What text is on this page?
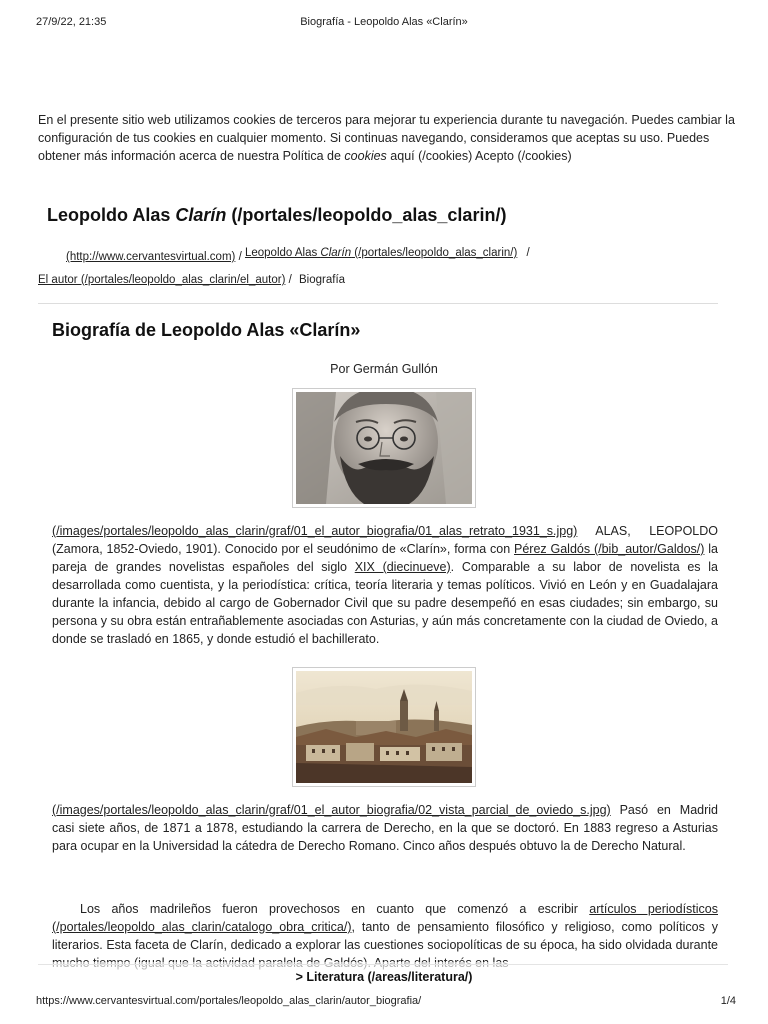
27/9/22, 21:35	Biografía - Leopoldo Alas «Clarín»
En el presente sitio web utilizamos cookies de terceros para mejorar tu experiencia durante tu navegación. Puedes cambiar la configuración de tus cookies en cualquier momento. Si continuas navegando, consideramos que aceptas su uso. Puedes obtener más información acerca de nuestra Política de cookies aquí (/cookies) Acepto (/cookies)
Leopoldo Alas Clarín (/portales/leopoldo_alas_clarin/)
(http://www.cervantesvirtual.com) / Leopoldo Alas Clarín (/portales/leopoldo_alas_clarin/) /
El autor (/portales/leopoldo_alas_clarin/el_autor) / Biografía
Biografía de Leopoldo Alas «Clarín»
Por Germán Gullón
(/images/portales/leopoldo_alas_clarin/graf/01_el_autor_biografia/01_alas_retrato_1931_s.jpg) ALAS, LEOPOLDO (Zamora, 1852-Oviedo, 1901). Conocido por el seudónimo de «Clarín», forma con Pérez Galdós (/bib_autor/Galdos/) la pareja de grandes novelistas españoles del siglo XIX (diecinueve). Comparable a su labor de novelista es la desarrollada como cuentista, y la periodística: crítica, teoría literaria y temas políticos. Vivió en León y en Guadalajara durante la infancia, debido al cargo de Gobernador Civil que su padre desempeñó en esas ciudades; sin embargo, su persona y su obra están entrañablemente asociadas con Asturias, y aún más concretamente con la ciudad de Oviedo, a donde se trasladó en 1865, y donde estudió el bachillerato.
(/images/portales/leopoldo_alas_clarin/graf/01_el_autor_biografia/02_vista_parcial_de_oviedo_s.jpg) Pasó en Madrid casi siete años, de 1871 a 1878, estudiando la carrera de Derecho, en la que se doctoró. En 1883 regreso a Asturias para ocupar en la Universidad la cátedra de Derecho Romano. Cinco años después obtuvo la de Derecho Natural.
Los años madrileños fueron provechosos en cuanto que comenzó a escribir artículos periodísticos (/portales/leopoldo_alas_clarin/catalogo_obra_critica/), tanto de pensamiento filosófico y religioso, como políticos y literarios. Esta faceta de Clarín, dedicado a explorar las cuestiones sociopolíticas de su época, ha sido olvidada durante
> Literatura (/areas/literatura/)
https://www.cervantesvirtual.com/portales/leopoldo_alas_clarin/autor_biografia/	1/4
